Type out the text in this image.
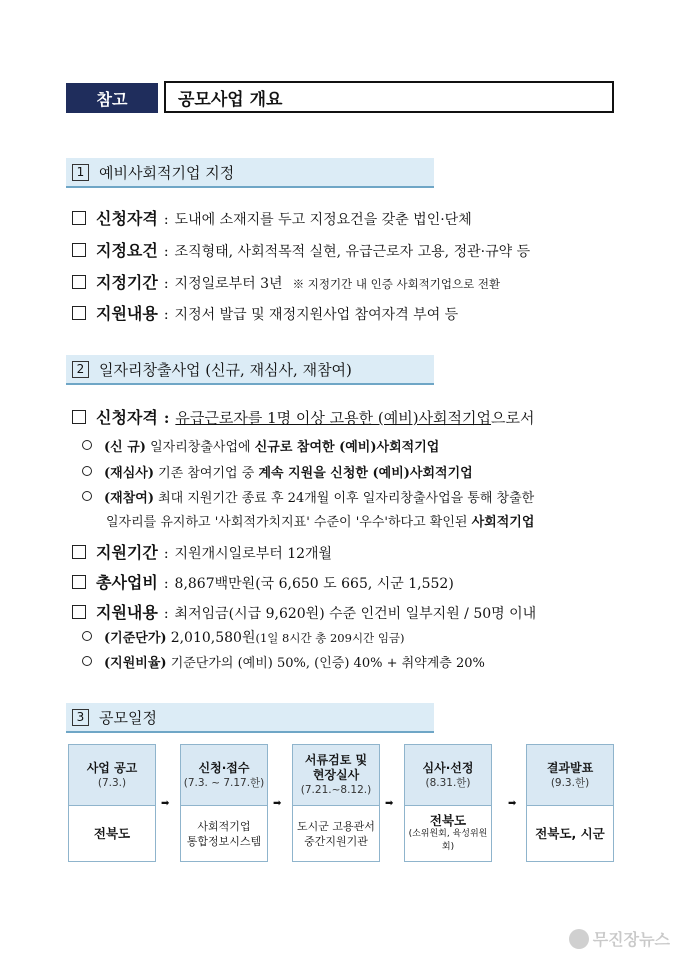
참고	공모사업 개요
1 예비사회적기업 지정
신청자격 : 도내에 소재지를 두고 지정요건을 갖춘 법인·단체
지정요건 : 조직형태, 사회적목적 실현, 유급근로자 고용, 정관·규약 등
지정기간 : 지정일로부터 3년 ※ 지정기간 내 인증 사회적기업으로 전환
지원내용 : 지정서 발급 및 재정지원사업 참여자격 부여 등
2 일자리창출사업 (신규, 재심사, 재참여)
신청자격 : 유급근로자를 1명 이상 고용한 (예비)사회적기업 으로서
(신 규)
일자리창출사업에
신규로 참여한 (예비)사회적기업
(재심사)
기존 참여기업 중
계속 지원을 신청한 (예비)사회적기업
(재참여)
최대 지원기간 종료 후 24개월 이후 일자리창출사업을 통해 창출한
일자리를 유지하고 '사회적가치지표' 수준이 '우수'하다고 확인된
사회적기업
지원기간 : 지원개시일로부터 12개월
총사업비 : 8,867백만원(국 6,650 도 665, 시군 1,552)
지원내용 : 최저임금(시급 9,620원) 수준 인건비 일부지원 / 50명 이내
(기준단가)
2,010,580원 (1일 8시간 총 209시간 임금)
(지원비율)
기준단가의 (예비) 50%, (인증) 40% + 취약계층 20%
3 공모일정
사업 공고
(7.3.)
전북도
➡
신청·접수
(7.3. ~ 7.17.한)
사회적기업
통합정보시스템
➡
서류검토 및 현장실사
(7.21.~8.12.)
도시군 고용관서
중간지원기관
➡
심사·선정
(8.31.한)
전북도
(소위원회, 육성위원회)
➡
결과발표
(9.3.한)
전북도, 시군
무진장뉴스
